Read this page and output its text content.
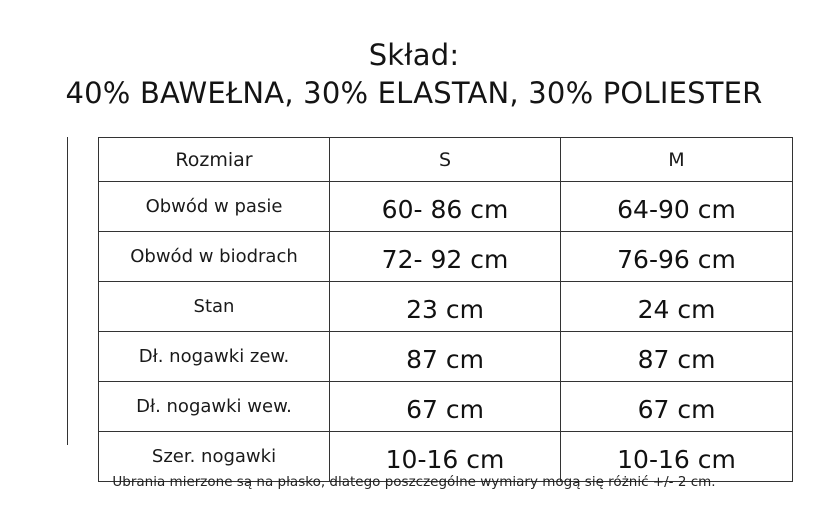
Skład:
40% BAWEŁNA, 30% ELASTAN, 30% POLIESTER
Rozmiar	S	M
Obwód w pasie	60- 86 cm	64-90 cm
Obwód w biodrach	72- 92 cm	76-96 cm
Stan	23 cm	24 cm
Dł. nogawki zew.	87 cm	87 cm
Dł. nogawki wew.	67 cm	67 cm
Szer. nogawki	10-16 cm	10-16 cm
Ubrania mierzone są na płasko, dlatego poszczególne wymiary mogą się różnić +/- 2 cm.
